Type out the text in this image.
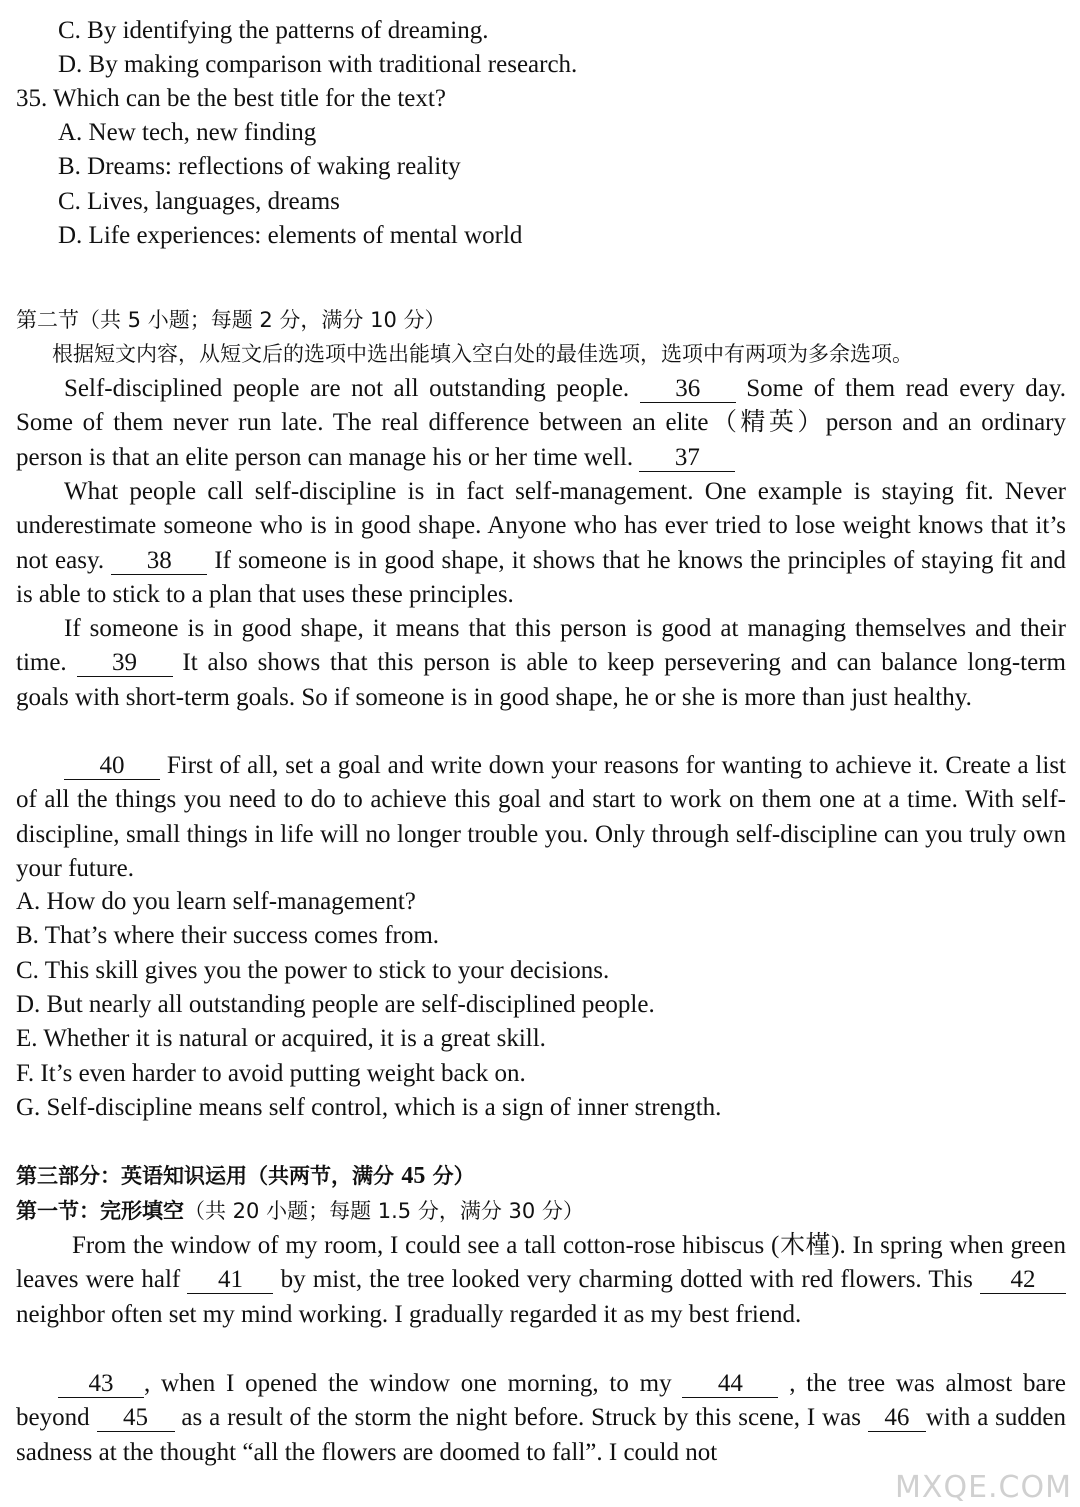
C. By identifying the patterns of dreaming.
D. By making comparison with traditional research.
35. Which can be the best title for the text?
A. New tech, new finding
B. Dreams: reflections of waking reality
C. Lives, languages, dreams
D. Life experiences: elements of mental world
第二节（共 5 小题；每题 2 分，满分 10 分）
根据短文内容，从短文后的选项中选出能填入空白处的最佳选项，选项中有两项为多余选项。
Self-disciplined people are not all outstanding people. 36 Some of them read every day. Some of them never run late. The real difference between an elite（精英）person and an ordinary person is that an elite person can manage his or her time well. 37
What people call self-discipline is in fact self-management. One example is staying fit. Never underestimate someone who is in good shape. Anyone who has ever tried to lose weight knows that it’s not easy. 38 If someone is in good shape, it shows that he knows the principles of staying fit and is able to stick to a plan that uses these principles.
If someone is in good shape, it means that this person is good at managing themselves and their time. 39 It also shows that this person is able to keep persevering and can balance long-term goals with short-term goals. So if someone is in good shape, he or she is more than just healthy.
40 First of all, set a goal and write down your reasons for wanting to achieve it. Create a list of all the things you need to do to achieve this goal and start to work on them one at a time. With self-discipline, small things in life will no longer trouble you. Only through self-discipline can you truly own your future.
A. How do you learn self-management?
B. That’s where their success comes from.
C. This skill gives you the power to stick to your decisions.
D. But nearly all outstanding people are self-disciplined people.
E. Whether it is natural or acquired, it is a great skill.
F. It’s even harder to avoid putting weight back on.
G. Self-discipline means self control, which is a sign of inner strength.
第三部分：英语知识运用（共两节，满分 45 分）
第一节：完形填空（共 20 小题；每题 1.5 分，满分 30 分）
From the window of my room, I could see a tall cotton-rose hibiscus (木槿). In spring when green leaves were half 41 by mist, the tree looked very charming dotted with red flowers. This 42 neighbor often set my mind working. I gradually regarded it as my best friend.
43 , when I opened the window one morning, to my 44 , the tree was almost bare beyond 45 as a result of the storm the night before. Struck by this scene, I was 46 with a sudden sadness at the thought “all the flowers are doomed to fall”. I could not
MXQE.COM
